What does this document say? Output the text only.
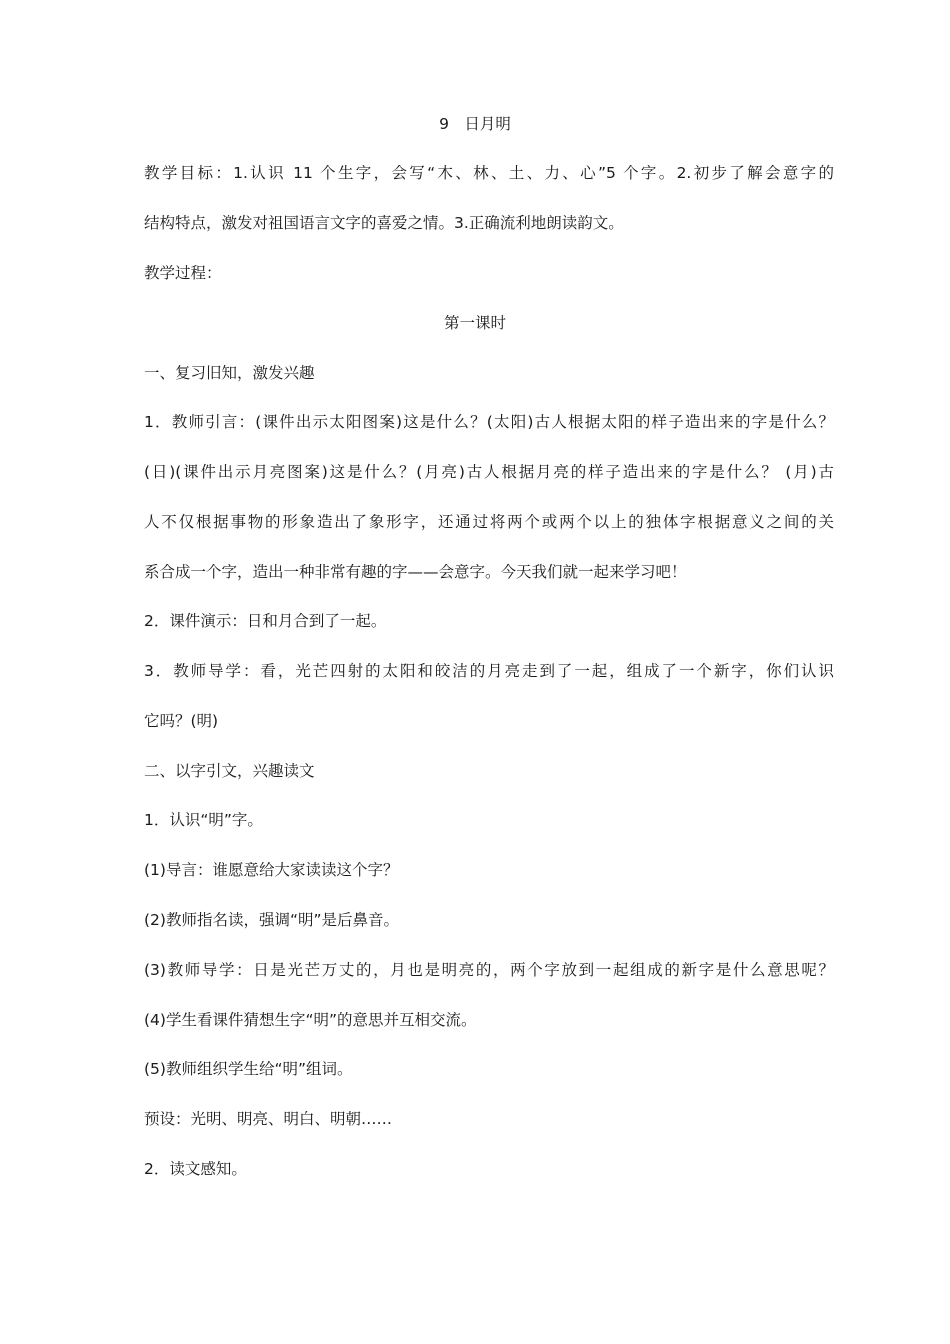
9　日月明
教学目标：1.认识 11 个生字，会写“木、林、土、力、心”5 个字。2.初步了解会意字的
结构特点，激发对祖国语言文字的喜爱之情。3.正确流利地朗读韵文。
教学过程：
第一课时
一、复习旧知，激发兴趣
1．教师引言：(课件出示太阳图案)这是什么？(太阳)古人根据太阳的样子造出来的字是什么？
(日)(课件出示月亮图案)这是什么？(月亮)古人根据月亮的样子造出来的字是什么？ (月)古
人不仅根据事物的形象造出了象形字，还通过将两个或两个以上的独体字根据意义之间的关
系合成一个字，造出一种非常有趣的字——会意字。今天我们就一起来学习吧！
2．课件演示：日和月合到了一起。
3．教师导学：看，光芒四射的太阳和皎洁的月亮走到了一起，组成了一个新字，你们认识
它吗？(明)
二、以字引文，兴趣读文
1．认识“明”字。
(1)导言：谁愿意给大家读读这个字？
(2)教师指名读，强调“明”是后鼻音。
(3)教师导学：日是光芒万丈的，月也是明亮的，两个字放到一起组成的新字是什么意思呢？
(4)学生看课件猜想生字“明”的意思并互相交流。
(5)教师组织学生给“明”组词。
预设：光明、明亮、明白、明朝……
2．读文感知。
